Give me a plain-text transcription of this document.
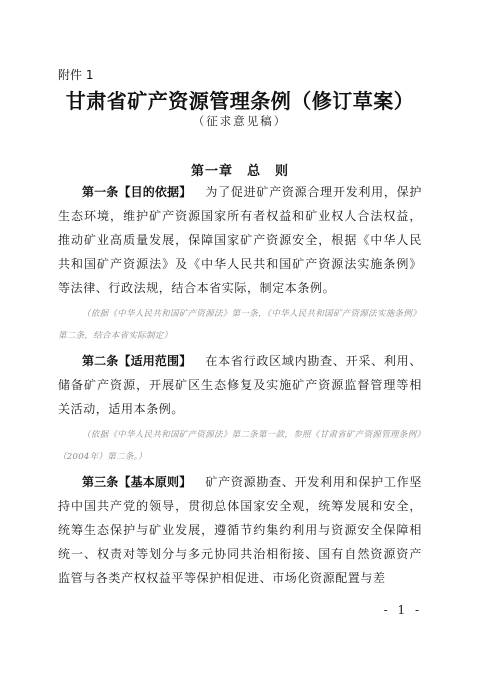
附件 1
甘肃省矿产资源管理条例（修订草案）
（征求意见稿）
第一章　总　则
第一条【目的依据】 为了促进矿产资源合理开发利用，保护生态环境，维护矿产资源国家所有者权益和矿业权人合法权益，推动矿业高质量发展，保障国家矿产资源安全，根据《中华人民共和国矿产资源法》及《中华人民共和国矿产资源法实施条例》等法律、行政法规，结合本省实际，制定本条例。
（依据《中华人民共和国矿产资源法》第一条，《中华人民共和国矿产资源法实施条例》第二条，结合本省实际制定）
第二条【适用范围】 在本省行政区域内勘查、开采、利用、储备矿产资源，开展矿区生态修复及实施矿产资源监督管理等相关活动，适用本条例。
（依据《中华人民共和国矿产资源法》第二条第一款，参照《甘肃省矿产资源管理条例》（2004年）第二条。）
第三条【基本原则】 矿产资源勘查、开发利用和保护工作坚持中国共产党的领导，贯彻总体国家安全观，统筹发展和安全，统筹生态保护与矿业发展，遵循节约集约利用与资源安全保障相统一、权责对等划分与多元协同共治相衔接、国有自然资源资产监管与各类产权权益平等保护相促进、市场化资源配置与差
- 1 -
